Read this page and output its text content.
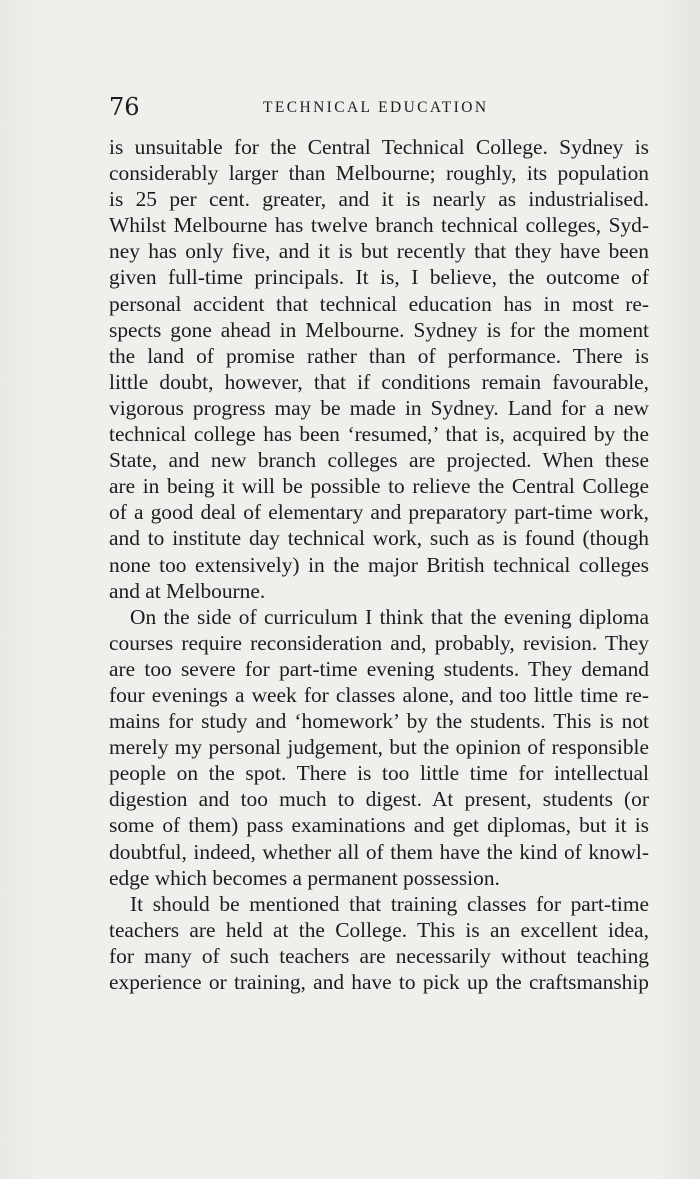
76	TECHNICAL EDUCATION
is unsuitable for the Central Technical College. Sydney is
considerably larger than Melbourne; roughly, its population
is 25 per cent. greater, and it is nearly as industrialised.
Whilst Melbourne has twelve branch technical colleges, Syd-
ney has only five, and it is but recently that they have been
given full-time principals. It is, I believe, the outcome of
personal accident that technical education has in most re-
spects gone ahead in Melbourne. Sydney is for the moment
the land of promise rather than of performance. There is
little doubt, however, that if conditions remain favourable,
vigorous progress may be made in Sydney. Land for a new
technical college has been ‘resumed,’ that is, acquired by the
State, and new branch colleges are projected. When these
are in being it will be possible to relieve the Central College
of a good deal of elementary and preparatory part-time work,
and to institute day technical work, such as is found (though
none too extensively) in the major British technical colleges
and at Melbourne.
On the side of curriculum I think that the evening diploma
courses require reconsideration and, probably, revision. They
are too severe for part-time evening students. They demand
four evenings a week for classes alone, and too little time re-
mains for study and ‘homework’ by the students. This is not
merely my personal judgement, but the opinion of responsible
people on the spot. There is too little time for intellectual
digestion and too much to digest. At present, students (or
some of them) pass examinations and get diplomas, but it is
doubtful, indeed, whether all of them have the kind of knowl-
edge which becomes a permanent possession.
It should be mentioned that training classes for part-time
teachers are held at the College. This is an excellent idea,
for many of such teachers are necessarily without teaching
experience or training, and have to pick up the craftsmanship
